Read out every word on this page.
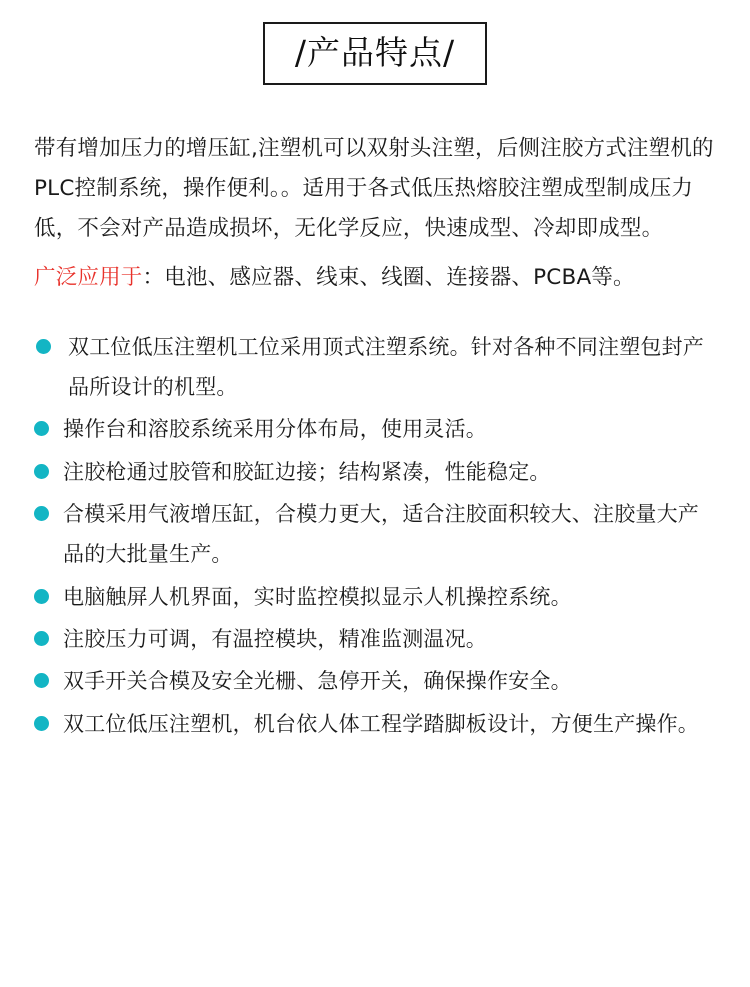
/产品特点/
带有增加压力的增压缸,注塑机可以双射头注塑，后侧注胶方式注塑机的 PLC控制系统，操作便利。。适用于各式低压热熔胶注塑成型制成压力低，不会对产品造成损坏，无化学反应，快速成型、冷却即成型。
广泛应用于：电池、感应器、线束、线圈、连接器、PCBA等。
双工位低压注塑机工位采用顶式注塑系统。针对各种不同注塑包封产品所设计的机型。
操作台和溶胶系统采用分体布局，使用灵活。
注胶枪通过胶管和胶缸边接；结构紧凑，性能稳定。
合模采用气液增压缸，合模力更大，适合注胶面积较大、注胶量大产品的大批量生产。
电脑触屏人机界面，实时监控模拟显示人机操控系统。
注胶压力可调，有温控模块，精准监测温况。
双手开关合模及安全光栅、急停开关，确保操作安全。
双工位低压注塑机，机台依人体工程学踏脚板设计，方便生产操作。
